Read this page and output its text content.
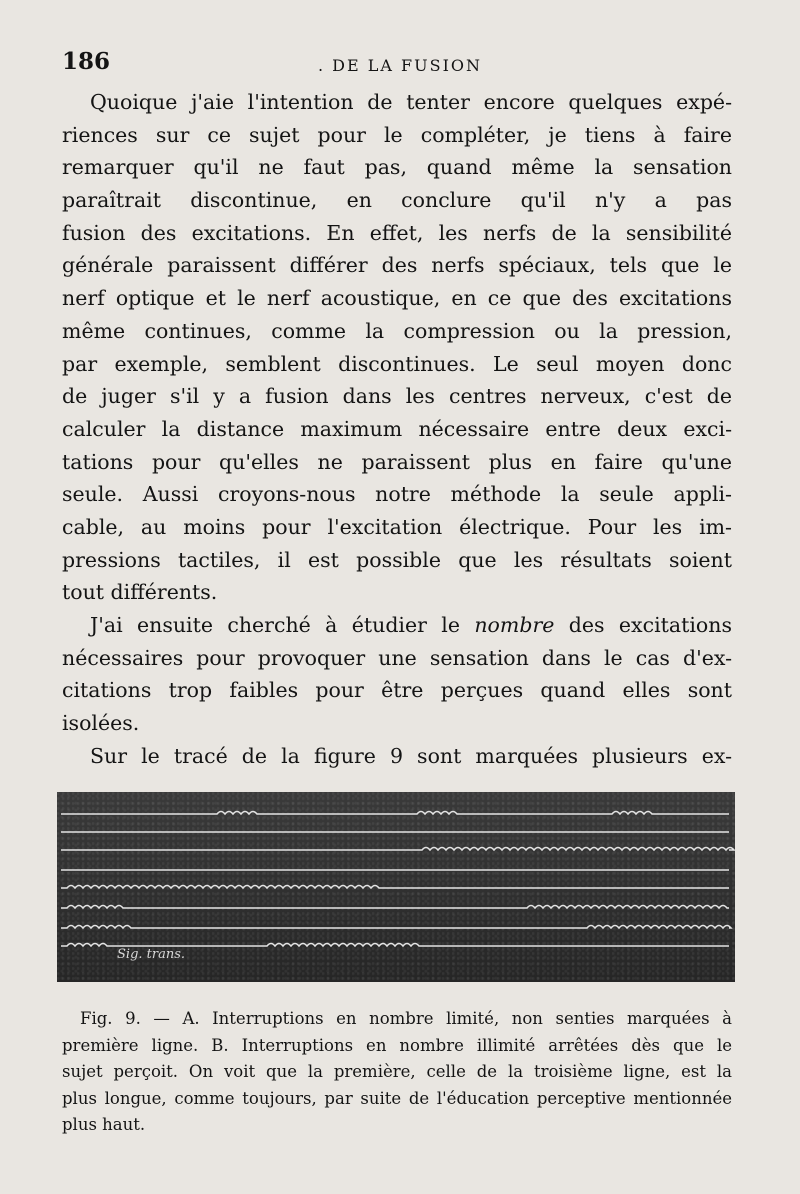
186	. DE LA FUSION
Quoique j'aie l'intention de tenter encore quelques expé-
riences sur ce sujet pour le compléter, je tiens à faire
remarquer qu'il ne faut pas, quand même la sensation
paraîtrait discontinue, en conclure qu'il n'y a pas
fusion des excitations. En effet, les nerfs de la sensibilité
générale paraissent différer des nerfs spéciaux, tels que le
nerf optique et le nerf acoustique, en ce que des excitations
même continues, comme la compression ou la pression,
par exemple, semblent discontinues. Le seul moyen donc
de juger s'il y a fusion dans les centres nerveux, c'est de
calculer la distance maximum nécessaire entre deux exci-
tations pour qu'elles ne paraissent plus en faire qu'une
seule. Aussi croyons-nous notre méthode la seule appli-
cable, au moins pour l'excitation électrique. Pour les im-
pressions tactiles, il est possible que les résultats soient
tout différents.
J'ai ensuite cherché à étudier le nombre des excitations
nécessaires pour provoquer une sensation dans le cas d'ex-
citations trop faibles pour être perçues quand elles sont
isolées.
Sur le tracé de la figure 9 sont marquées plusieurs ex-
Sig. trans.
Fig. 9. — A. Interruptions en nombre limité, non senties marquées à
première ligne. B. Interruptions en nombre illimité arrêtées dès que le
sujet perçoit. On voit que la première, celle de la troisième ligne, est la
plus longue, comme toujours, par suite de l'éducation perceptive mentionnée
plus haut.
